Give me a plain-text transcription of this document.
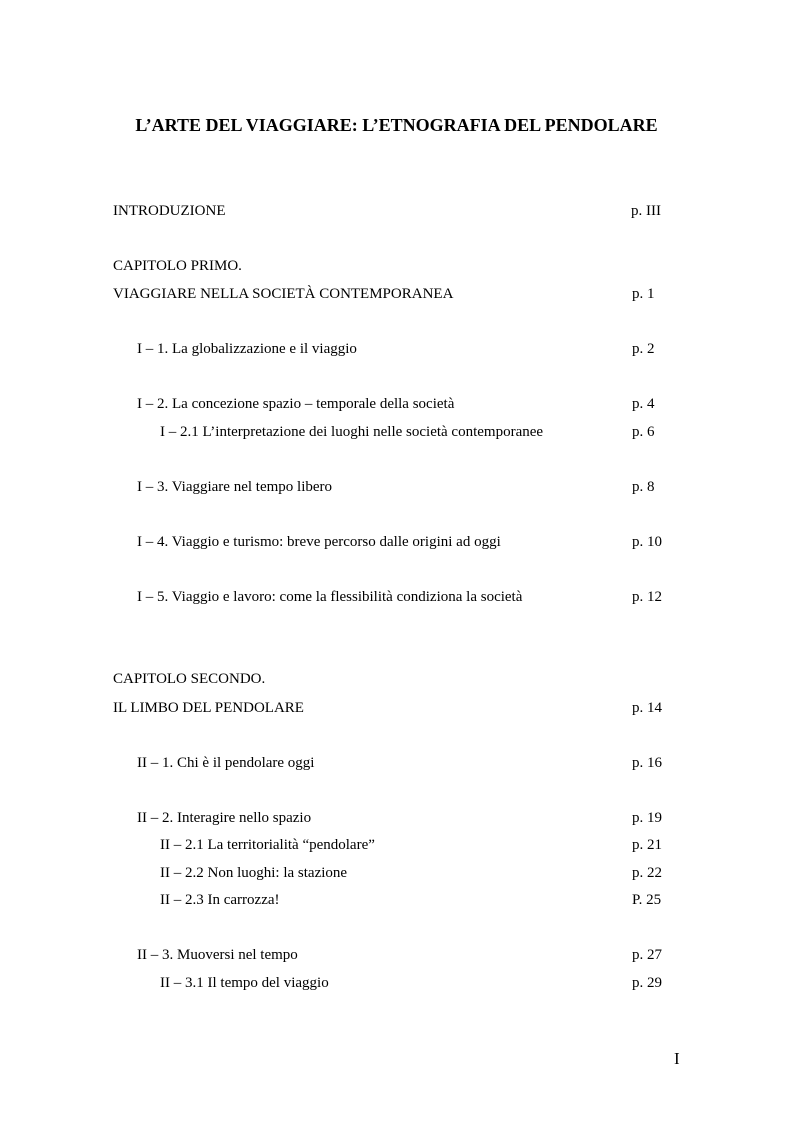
L’ARTE DEL VIAGGIARE: L’ETNOGRAFIA DEL PENDOLARE
INTRODUZIONE	p. III
CAPITOLO PRIMO.
VIAGGIARE NELLA SOCIETÀ CONTEMPORANEA	p. 1
I – 1. La globalizzazione e il viaggio	p. 2
I – 2. La concezione spazio – temporale della società	p. 4
I – 2.1 L’interpretazione dei luoghi nelle società contemporanee	p. 6
I – 3. Viaggiare nel tempo libero	p. 8
I – 4. Viaggio e turismo: breve percorso dalle origini ad oggi	p. 10
I – 5. Viaggio e lavoro: come la flessibilità condiziona la società	p. 12
CAPITOLO SECONDO.
IL LIMBO DEL PENDOLARE	p. 14
II – 1. Chi è il pendolare oggi	p. 16
II – 2. Interagire nello spazio	p. 19
II – 2.1 La territorialità “pendolare”	p. 21
II – 2.2 Non luoghi: la stazione	p. 22
II – 2.3 In carrozza!	P. 25
II – 3. Muoversi nel tempo	p. 27
II – 3.1 Il tempo del viaggio	p. 29
I
